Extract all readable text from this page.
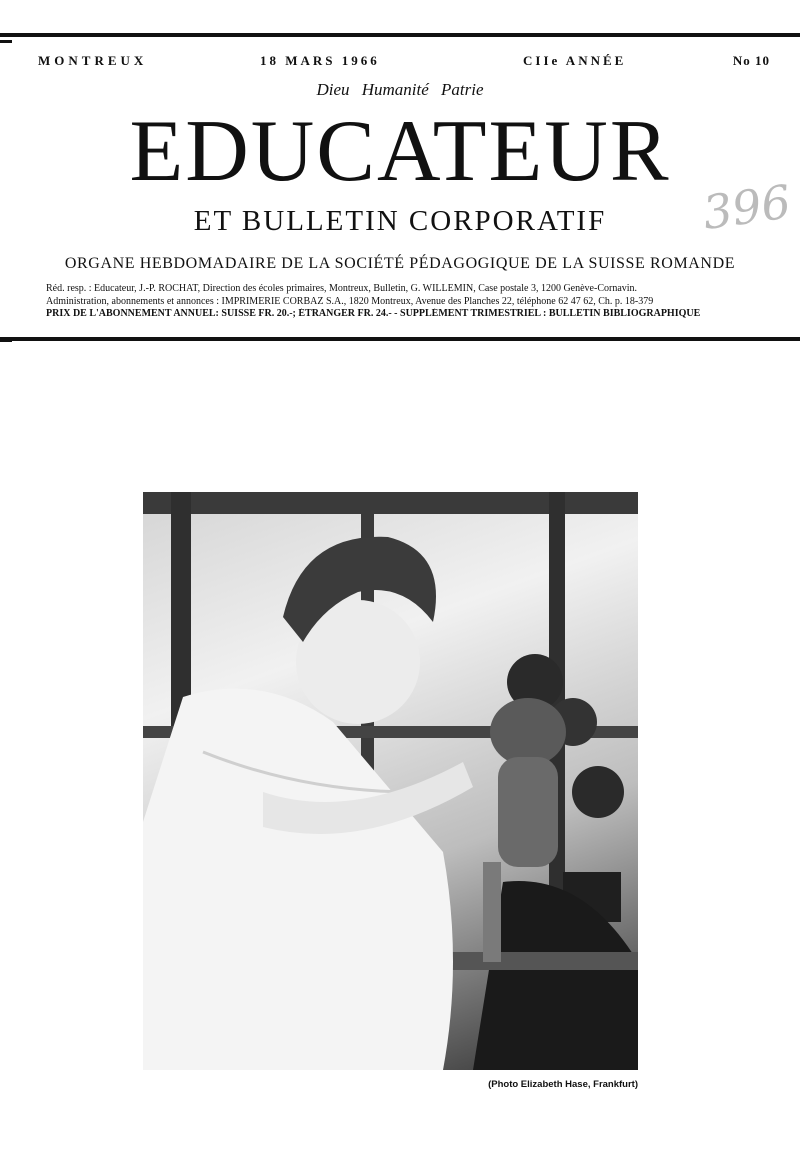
MONTREUX	18 MARS 1966	CIIe ANNÉE	No 10
Dieu Humanité Patrie
EDUCATEUR
ET BULLETIN CORPORATIF	396
ORGANE HEBDOMADAIRE DE LA SOCIÉTÉ PÉDAGOGIQUE DE LA SUISSE ROMANDE
Réd. resp. : Educateur, J.-P. ROCHAT, Direction des écoles primaires, Montreux, Bulletin, G. WILLEMIN, Case postale 3, 1200 Genève-Cornavin.
Administration, abonnements et annonces : IMPRIMERIE CORBAZ S.A., 1820 Montreux, Avenue des Planches 22, téléphone 62 47 62, Ch. p. 18-379
PRIX DE L'ABONNEMENT ANNUEL: SUISSE FR. 20.-; ÉTRANGER FR. 24.- - SUPPLÉMENT TRIMESTRIEL : BULLETIN BIBLIOGRAPHIQUE
(Photo Elizabeth Hase, Frankfurt)
